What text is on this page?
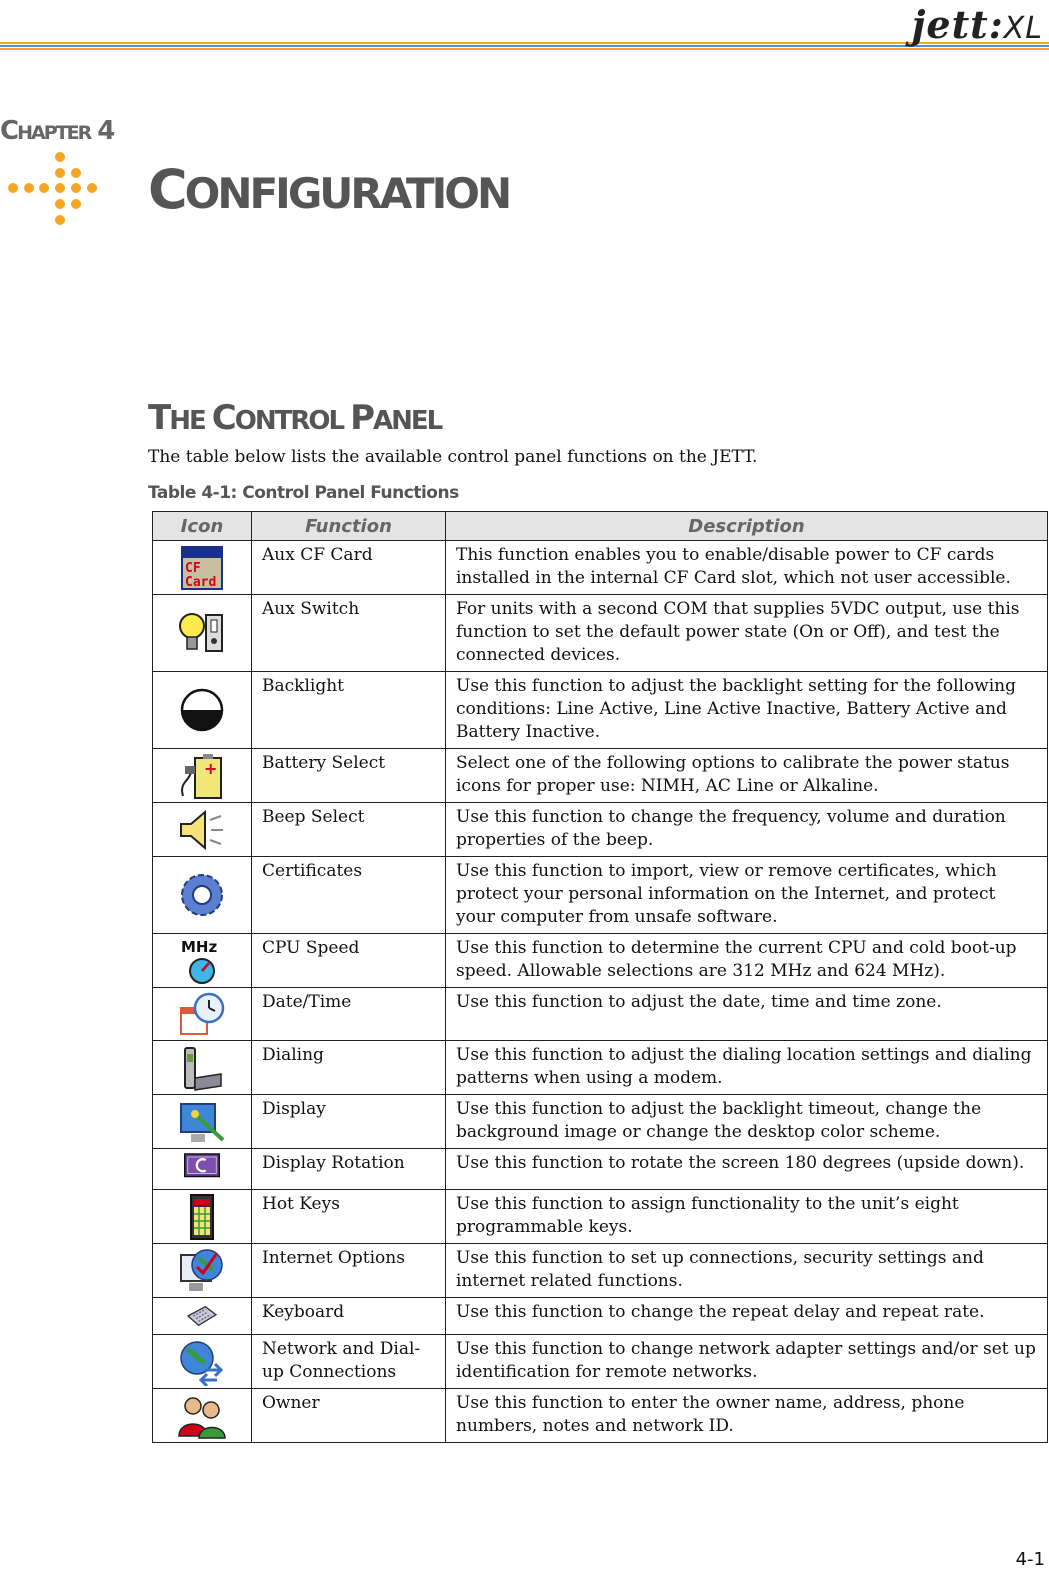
jett:XL
CHAPTER 4
CONFIGURATION
THE CONTROL PANEL
The table below lists the available control panel functions on the JETT.
Table 4-1: Control Panel Functions
Icon	Function	Description

CF
Card	Aux CF Card	This function enables you to enable/disable power to CF cards installed in the internal CF Card slot, which not user accessible.

	Aux Switch	For units with a second COM that supplies 5VDC output, use this function to set the default power state (On or Off), and test the connected devices.

	Backlight	Use this function to adjust the backlight setting for the following conditions: Line Active, Line Active Inactive, Battery Active and Battery Inactive.

+	Battery Select	Select one of the following options to calibrate the power status icons for proper use: NIMH, AC Line or Alkaline.

	Beep Select	Use this function to change the frequency, volume and duration properties of the beep.

	Certificates	Use this function to import, view or remove certificates, which protect your personal information on the Internet, and protect your computer from unsafe software.

MHz	CPU Speed	Use this function to determine the current CPU and cold boot-up speed. Allowable selections are 312 MHz and 624 MHz).

	Date/Time	Use this function to adjust the date, time and time zone.

	Dialing	Use this function to adjust the dialing location settings and dialing patterns when using a modem.

	Display	Use this function to adjust the backlight timeout, change the background image or change the desktop color scheme.

	Display Rotation	Use this function to rotate the screen 180 degrees (upside down).

	Hot Keys	Use this function to assign functionality to the unit’s eight programmable keys.

	Internet Options	Use this function to set up connections, security settings and internet related functions.

	Keyboard	Use this function to change the repeat delay and repeat rate.

	Network and Dial-up Connections	Use this function to change network adapter settings and/or set up identification for remote networks.

	Owner	Use this function to enter the owner name, address, phone numbers, notes and network ID.
4-1
